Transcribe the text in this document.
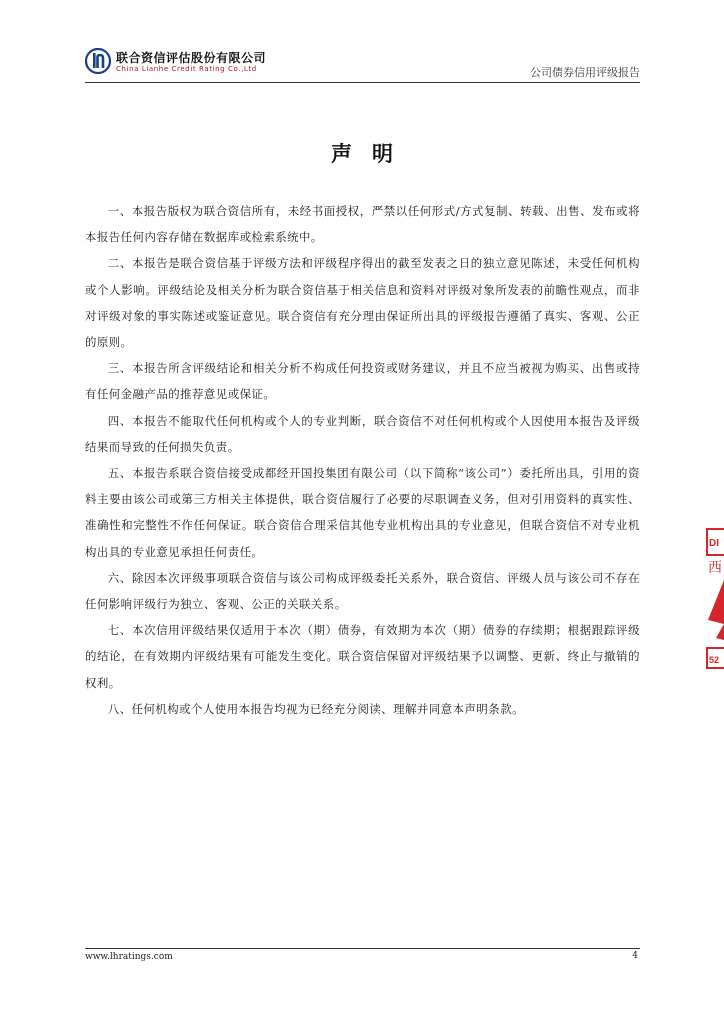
联合资信评估股份有限公司
China Lianhe Credit Rating Co.,Ltd	公司债券信用评级报告
声明

一、本报告版权为联合资信所有，未经书面授权，严禁以任何形式/方式复制、转载、出售、发布或将本报告任何内容存储在数据库或检索系统中。

二、本报告是联合资信基于评级方法和评级程序得出的截至发表之日的独立意见陈述，未受任何机构或个人影响。评级结论及相关分析为联合资信基于相关信息和资料对评级对象所发表的前瞻性观点，而非对评级对象的事实陈述或鉴证意见。联合资信有充分理由保证所出具的评级报告遵循了真实、客观、公正的原则。

三、本报告所含评级结论和相关分析不构成任何投资或财务建议，并且不应当被视为购买、出售或持有任何金融产品的推荐意见或保证。

四、本报告不能取代任何机构或个人的专业判断，联合资信不对任何机构或个人因使用本报告及评级结果而导致的任何损失负责。

五、本报告系联合资信接受成都经开国投集团有限公司（以下简称“该公司”）委托所出具，引用的资料主要由该公司或第三方相关主体提供，联合资信履行了必要的尽职调查义务，但对引用资料的真实性、准确性和完整性不作任何保证。联合资信合理采信其他专业机构出具的专业意见，但联合资信不对专业机构出具的专业意见承担任何责任。

六、除因本次评级事项联合资信与该公司构成评级委托关系外，联合资信、评级人员与该公司不存在任何影响评级行为独立、客观、公正的关联关系。

七、本次信用评级结果仅适用于本次（期）债券，有效期为本次（期）债券的存续期；根据跟踪评级的结论，在有效期内评级结果有可能发生变化。联合资信保留对评级结果予以调整、更新、终止与撤销的权利。

八、任何机构或个人使用本报告均视为已经充分阅读、理解并同意本声明条款。

www.lhratings.com	4
DI
西
52
